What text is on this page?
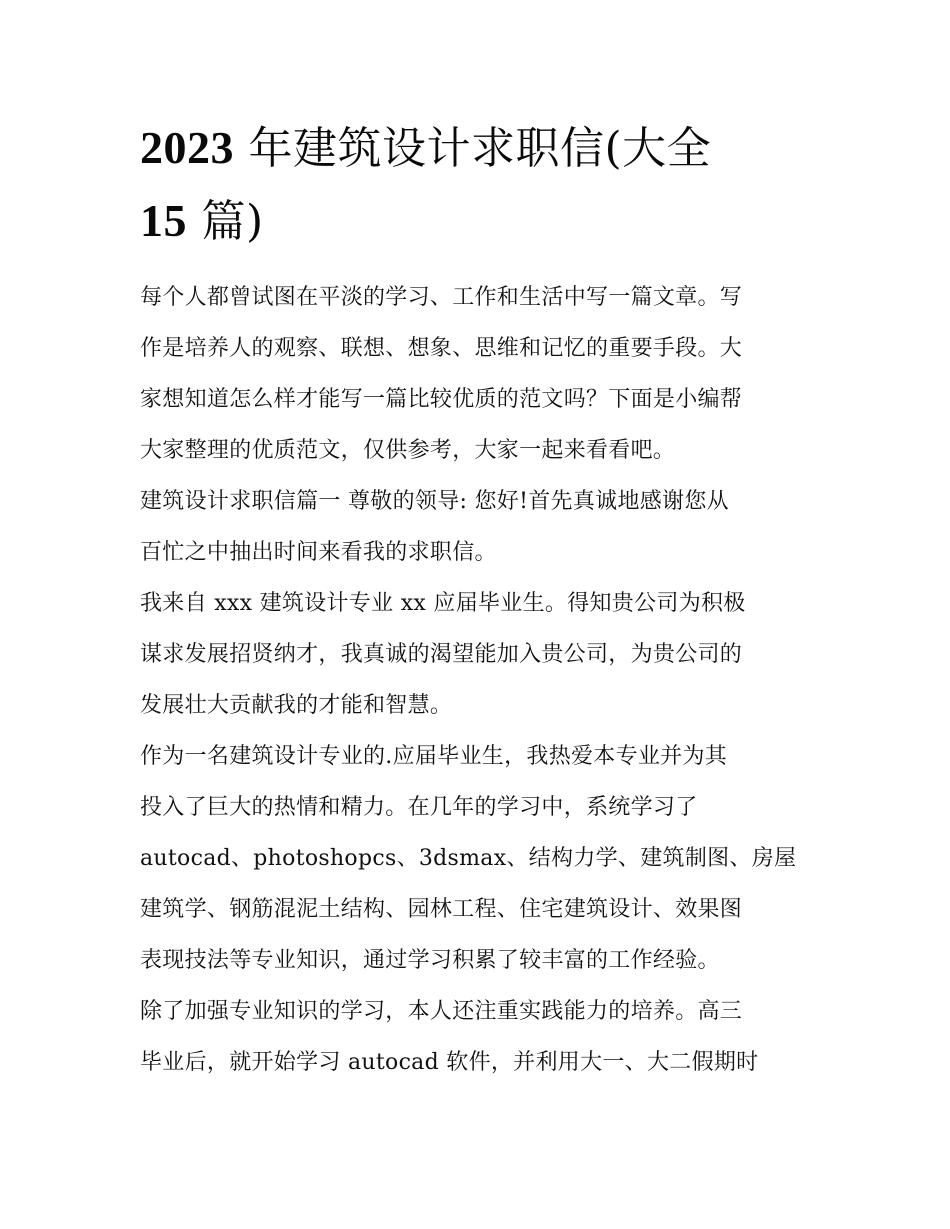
2023 年建筑设计求职信(大全
15 篇)

每个人都曾试图在平淡的学习、工作和生活中写一篇文章。写
作是培养人的观察、联想、想象、思维和记忆的重要手段。大
家想知道怎么样才能写一篇比较优质的范文吗？下面是小编帮
大家整理的优质范文，仅供参考，大家一起来看看吧。

建筑设计求职信篇一 尊敬的领导: 您好!首先真诚地感谢您从
百忙之中抽出时间来看我的求职信。

我来自 xxx 建筑设计专业 xx 应届毕业生。得知贵公司为积极
谋求发展招贤纳才，我真诚的渴望能加入贵公司，为贵公司的
发展壮大贡献我的才能和智慧。

作为一名建筑设计专业的.应届毕业生，我热爱本专业并为其
投入了巨大的热情和精力。在几年的学习中，系统学习了
autocad、photoshopcs、3dsmax、结构力学、建筑制图、房屋
建筑学、钢筋混泥土结构、园林工程、住宅建筑设计、效果图
表现技法等专业知识，通过学习积累了较丰富的工作经验。

除了加强专业知识的学习，本人还注重实践能力的培养。高三
毕业后，就开始学习 autocad 软件，并利用大一、大二假期时
